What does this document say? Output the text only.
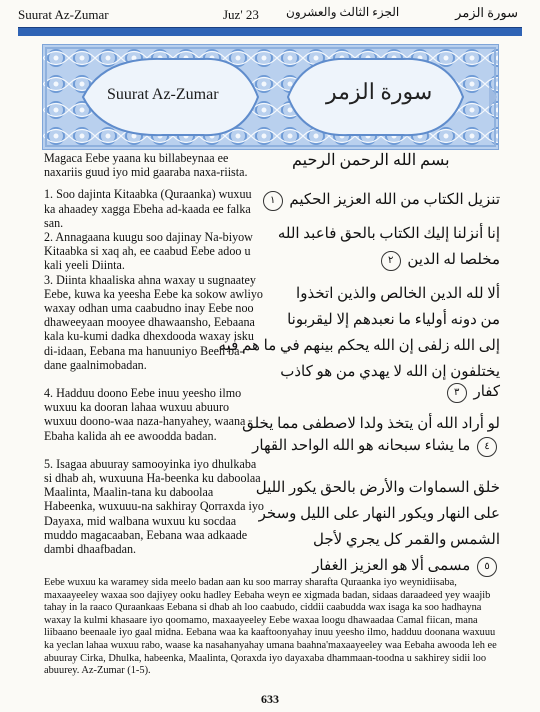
Suurat Az-Zumar	Juz' 23 الجزء الثالث والعشرون	سورة الزمر
Suurat Az-Zumar	سورة الزمر

Magaca Eebe yaana ku billabeynaa ee naxariis guud iyo mid gaaraba naxa-riista.

1. Soo dajinta Kitaabka (Quraanka) wuxuu ka ahaadey xagga Ebeha ad-kaada ee falka san.

2. Annagaana kuugu soo dajinay Na-biyow Kitaabka si xaq ah, ee caabud Eebe adoo u kali yeeli Diinta.

3. Diinta khaaliska ahna waxay u sugnaatey Eebe, kuwa ka yeesha Eebe ka sokow awliyo waxay odhan uma caabudno inay Eebe noo dhaweeyaan mooyee dhawaansho, Eebaana kala ku-kumi dadka dhexdooda waxay isku di-idaan, Eebana ma hanuuniyo Been ba-dane gaalnimobadan.

4. Hadduu doono Eebe inuu yeesho ilmo wuxuu ka dooran lahaa wuxuu abuuro wuxuu doono-waa naza-hanyahey, waana Ebaha kalida ah ee awoodda badan.

5. Isagaa abuuray samooyinka iyo dhulkaba si dhab ah, wuxuuna Ha-beenka ku daboolaa Maalinta, Maalin-tana ku daboolaa Habeenka, wuxuuu-na sakhiray Qorraxda iyo Dayaxa, mid walbana wuxuu ku socdaa muddo magacaaban, Eebana waa adkaade dambi dhaafbadan.

بسم الله الرحمن الرحيم
تنزيل الكتاب من الله العزيز الحكيم ١
إنا أنزلنا إليك الكتاب بالحق فاعبد الله
مخلصا له الدين ٢
ألا لله الدين الخالص والذين اتخذوا
من دونه أولياء ما نعبدهم إلا ليقربونا
إلى الله زلفى إن الله يحكم بينهم في ما هم فيه
يختلفون إن الله لا يهدي من هو كاذب
كفار ٣
لو أراد الله أن يتخذ ولدا لاصطفى مما يخلق
٤ ما يشاء سبحانه هو الله الواحد القهار
خلق السماوات والأرض بالحق يكور الليل
على النهار ويكور النهار على الليل وسخر
الشمس والقمر كل يجري لأجل
٥ مسمى ألا هو العزيز الغفار

Eebe wuxuu ka waramey sida meelo badan aan ku soo marray sharafta Quraanka iyo weynidiisaba, maxaayeeley waxaa soo dajiyey ooku hadley Eebaha weyn ee xigmada badan, sidaas daraadeed yey waajib tahay in la raaco Quraankaas Eebana si dhab ah loo caabudo, ciddii caabudda wax isaga ka soo hadhayna waxay la kulmi khasaare iyo qoomamo, maxaayeeley Eebe waxaa loogu dhawaadaa Camal fiican, mana liibaano beenaale iyo gaal midna. Eebana waa ka kaaftoonyahay inuu yeesho ilmo, hadduu doonana waxuuu ka yeclan lahaa wuxuu rabo, waase ka nasahanyahay umana baahna'maxaayeeley waa Eebaha awooda leh ee abuuray Cirka, Dhulka, habeenka, Maalinta, Qoraxda iyo dayaxaba dhammaan-toodna u sakhirey sidii loo abuurey. Az-Zumar (1-5).

633
